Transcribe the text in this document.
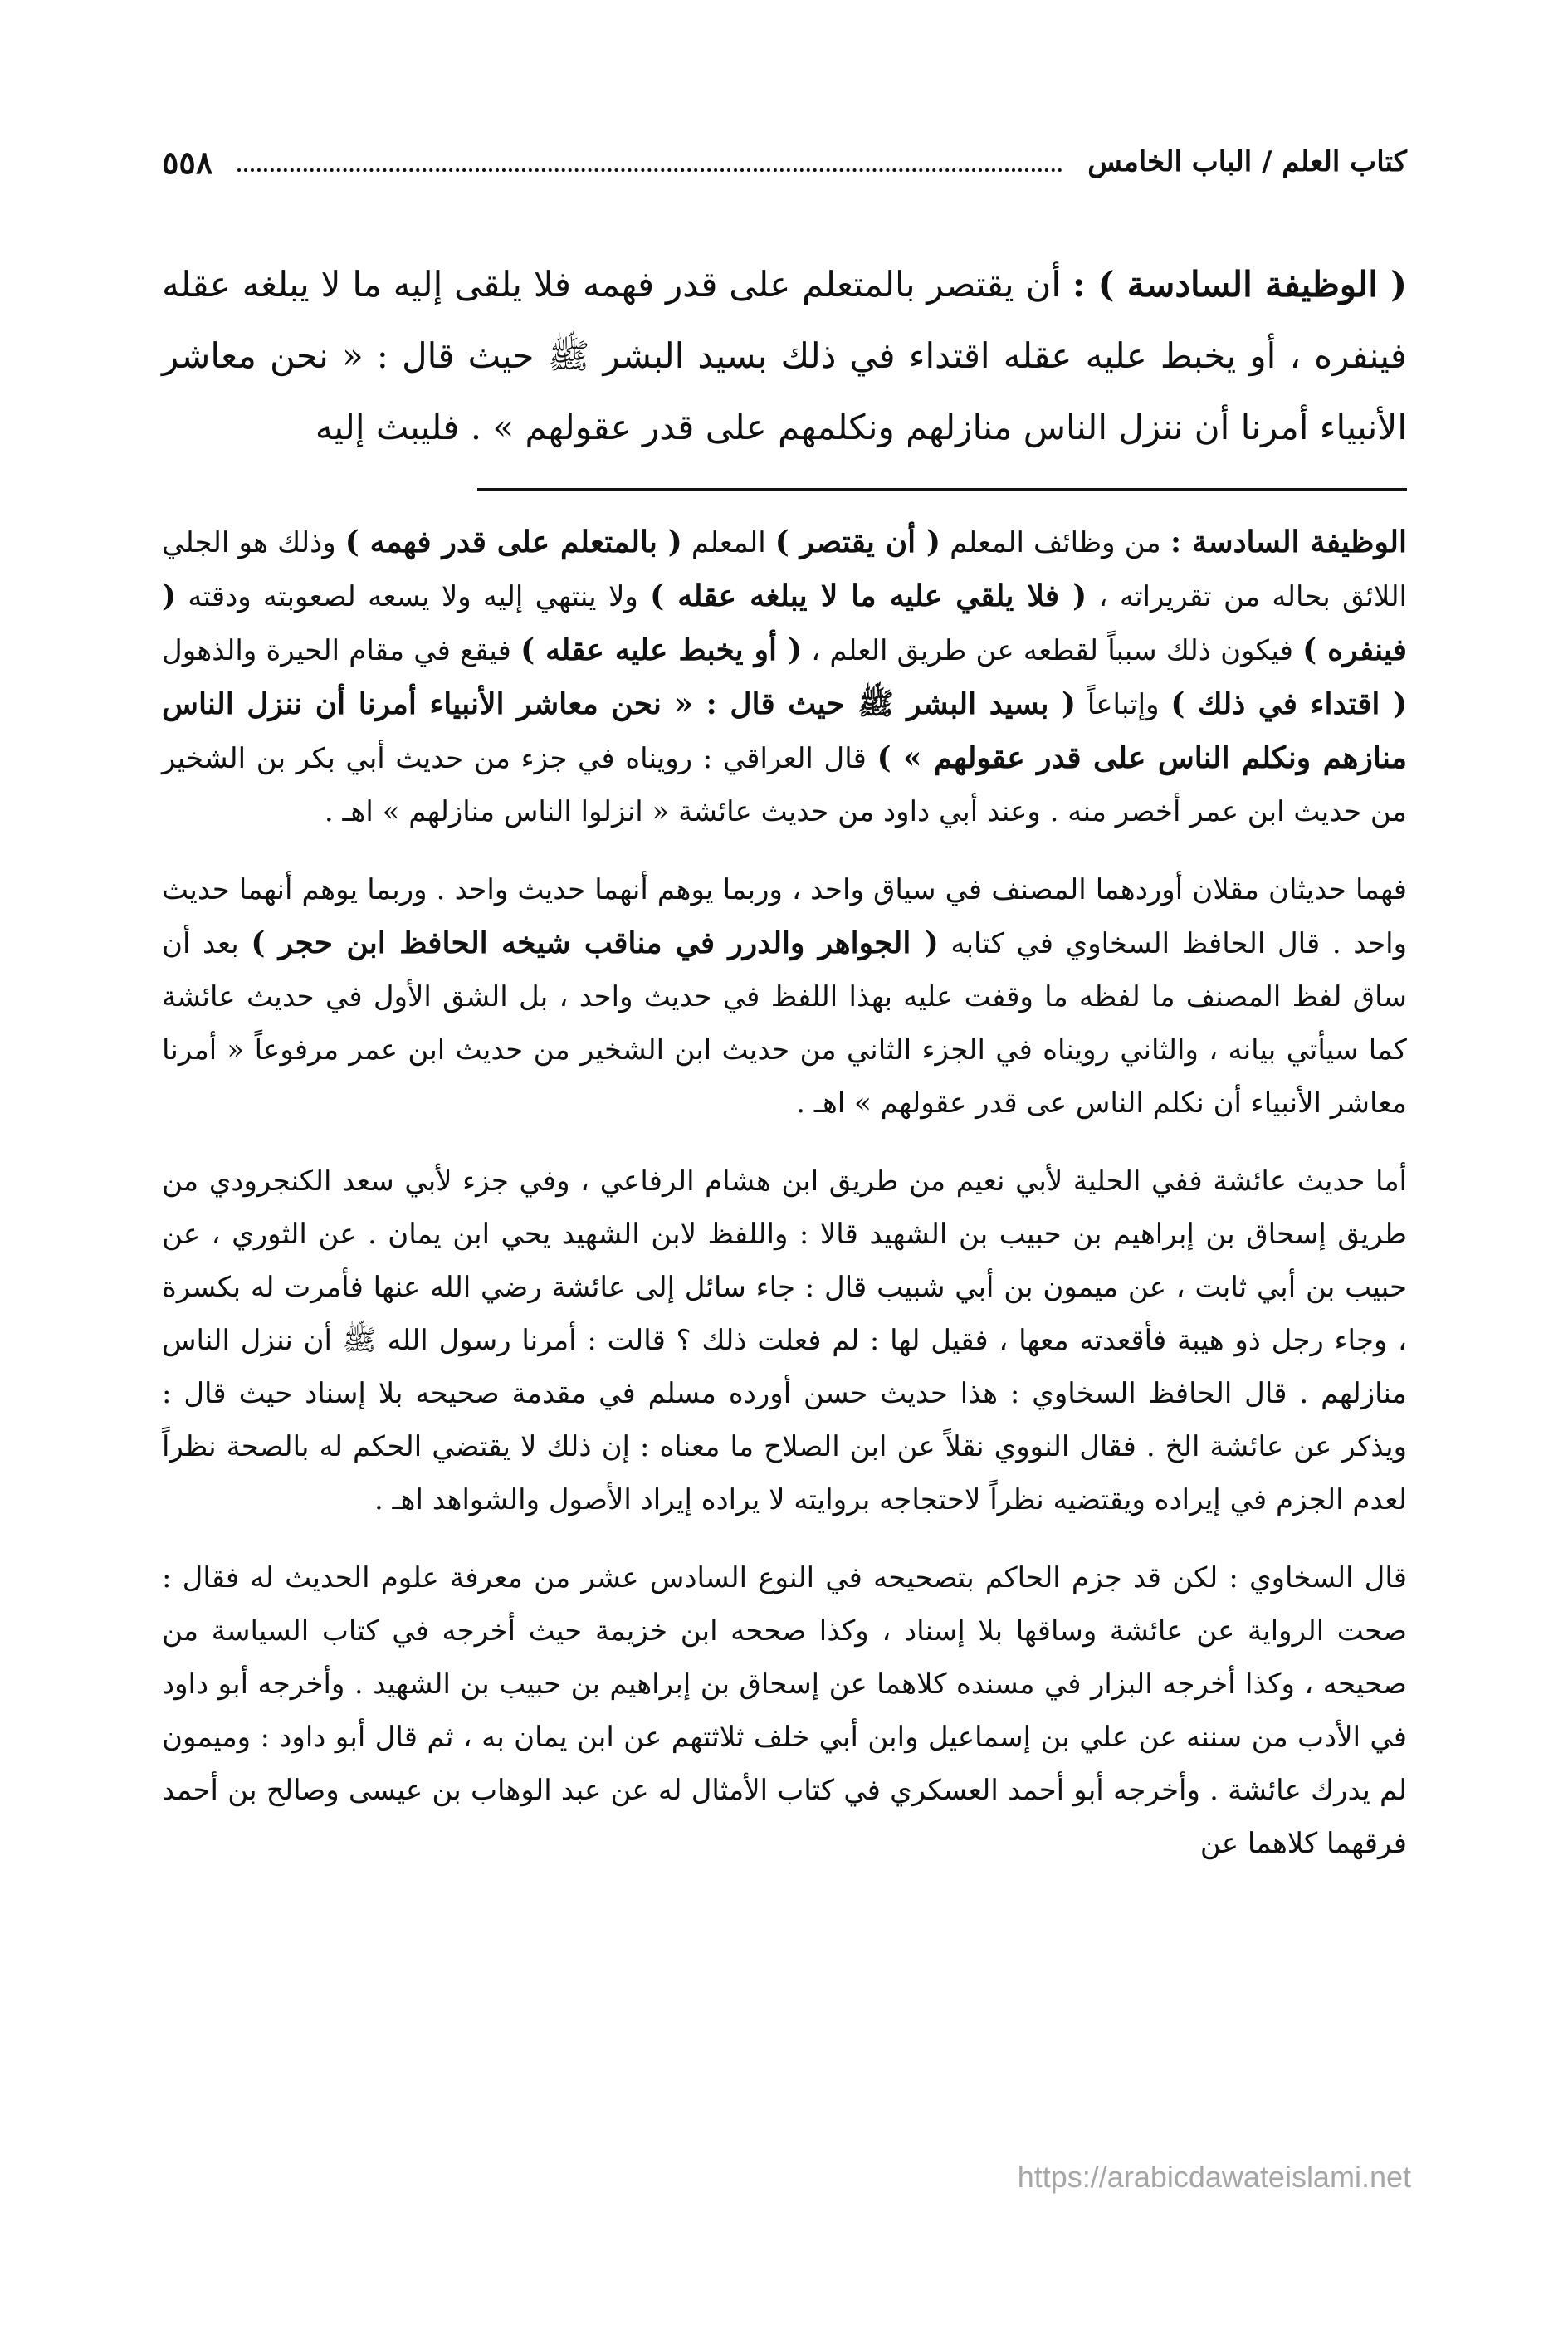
كتاب العلم / الباب الخامس
٥٥٨
( الوظيفة السادسة ) : أن يقتصر بالمتعلم على قدر فهمه فلا يلقى إليه ما لا يبلغه عقله فينفره ، أو يخبط عليه عقله اقتداء في ذلك بسيد البشر ﷺ حيث قال : « نحن معاشر الأنبياء أمرنا أن ننزل الناس منازلهم ونكلمهم على قدر عقولهم » . فليبث إليه

الوظيفة السادسة : من وظائف المعلم ( أن يقتصر ) المعلم ( بالمتعلم على قدر فهمه ) وذلك هو الجلي اللائق بحاله من تقريراته ، ( فلا يلقي عليه ما لا يبلغه عقله ) ولا ينتهي إليه ولا يسعه لصعوبته ودقته ( فينفره ) فيكون ذلك سبباً لقطعه عن طريق العلم ، ( أو يخبط عليه عقله ) فيقع في مقام الحيرة والذهول ( اقتداء في ذلك ) وإتباعاً ( بسيد البشر ﷺ حيث قال : « نحن معاشر الأنبياء أمرنا أن ننزل الناس منازهم ونكلم الناس على قدر عقولهم » ) قال العراقي : رويناه في جزء من حديث أبي بكر بن الشخير من حديث ابن عمر أخصر منه . وعند أبي داود من حديث عائشة « انزلوا الناس منازلهم » اهـ .

فهما حديثان مقلان أوردهما المصنف في سياق واحد ، وربما يوهم أنهما حديث واحد . وربما يوهم أنهما حديث واحد . قال الحافظ السخاوي في كتابه ( الجواهر والدرر في مناقب شيخه الحافظ ابن حجر ) بعد أن ساق لفظ المصنف ما لفظه ما وقفت عليه بهذا اللفظ في حديث واحد ، بل الشق الأول في حديث عائشة كما سيأتي بيانه ، والثاني رويناه في الجزء الثاني من حديث ابن الشخير من حديث ابن عمر مرفوعاً « أمرنا معاشر الأنبياء أن نكلم الناس عى قدر عقولهم » اهـ .

أما حديث عائشة ففي الحلية لأبي نعيم من طريق ابن هشام الرفاعي ، وفي جزء لأبي سعد الكنجرودي من طريق إسحاق بن إبراهيم بن حبيب بن الشهيد قالا : واللفظ لابن الشهيد يحي ابن يمان . عن الثوري ، عن حبيب بن أبي ثابت ، عن ميمون بن أبي شبيب قال : جاء سائل إلى عائشة رضي الله عنها فأمرت له بكسرة ، وجاء رجل ذو هيبة فأقعدته معها ، فقيل لها : لم فعلت ذلك ؟ قالت : أمرنا رسول الله ﷺ أن ننزل الناس منازلهم . قال الحافظ السخاوي : هذا حديث حسن أورده مسلم في مقدمة صحيحه بلا إسناد حيث قال : ويذكر عن عائشة الخ . فقال النووي نقلاً عن ابن الصلاح ما معناه : إن ذلك لا يقتضي الحكم له بالصحة نظراً لعدم الجزم في إيراده ويقتضيه نظراً لاحتجاجه بروايته لا يراده إيراد الأصول والشواهد اهـ .

قال السخاوي : لكن قد جزم الحاكم بتصحيحه في النوع السادس عشر من معرفة علوم الحديث له فقال : صحت الرواية عن عائشة وساقها بلا إسناد ، وكذا صححه ابن خزيمة حيث أخرجه في كتاب السياسة من صحيحه ، وكذا أخرجه البزار في مسنده كلاهما عن إسحاق بن إبراهيم بن حبيب بن الشهيد . وأخرجه أبو داود في الأدب من سننه عن علي بن إسماعيل وابن أبي خلف ثلاثتهم عن ابن يمان به ، ثم قال أبو داود : وميمون لم يدرك عائشة . وأخرجه أبو أحمد العسكري في كتاب الأمثال له عن عبد الوهاب بن عيسى وصالح بن أحمد فرقهما كلاهما عن

https://arabicdawateislami.net
